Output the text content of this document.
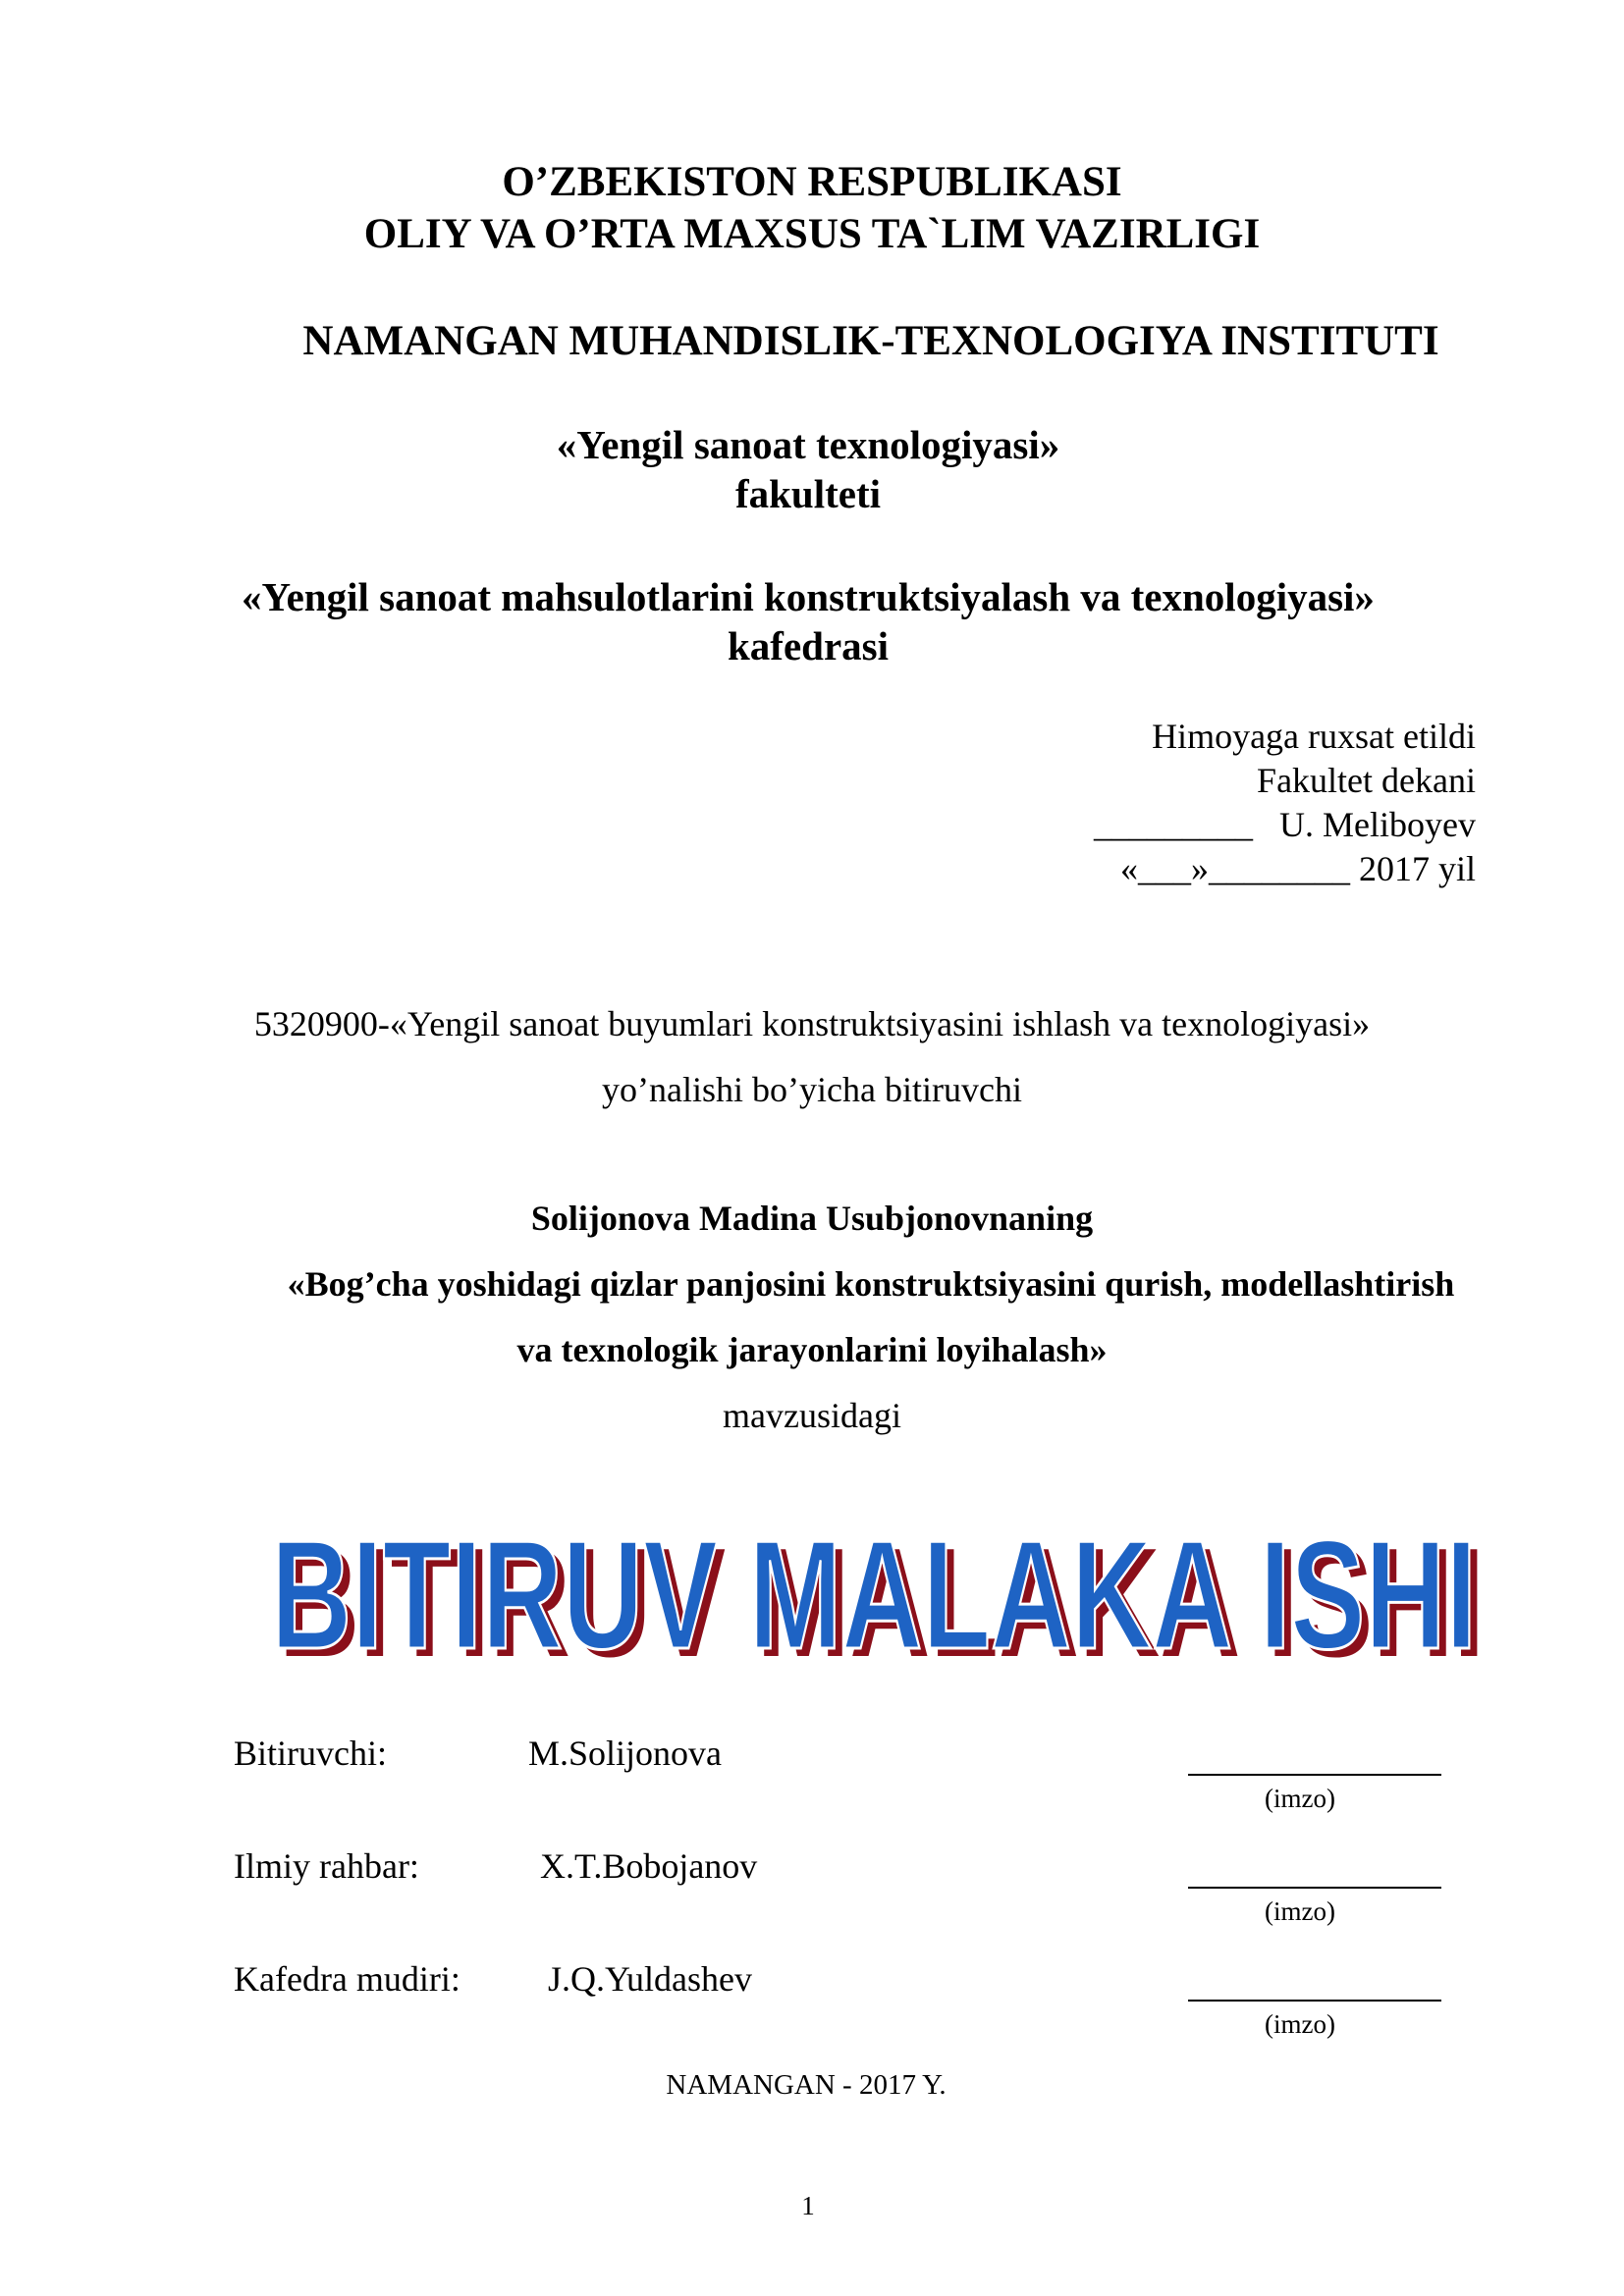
O’ZBEKISTON RESPUBLIKASI
OLIY VA O’RTA MAXSUS TA`LIM VAZIRLIGI
NAMANGAN MUHANDISLIK-TEXNOLOGIYA INSTITUTI
«Yengil sanoat texnologiyasi»
fakulteti
«Yengil sanoat mahsulotlarini konstruktsiyalash va texnologiyasi»
kafedrasi
Himoyaga ruxsat etildi
Fakultet dekani
_________   U. Meliboyev
«___»________ 2017 yil
5320900-«Yengil sanoat buyumlari konstruktsiyasini ishlash va texnologiyasi»
yo’nalishi bo’yicha bitiruvchi
Solijonova Madina Usubjonovnaning
«Bog’cha yoshidagi qizlar panjosini konstruktsiyasini qurish, modellashtirish
va texnologik jarayonlarini loyihalash»
mavzusidagi
BITIRUV MALAKA ISHI
BITIRUV MALAKA ISHI
Bitiruvchi:	M.Solijonova
(imzo)
Ilmiy rahbar:	X.T.Bobojanov
(imzo)
Kafedra mudiri: J.Q.Yuldashev
(imzo)
NAMANGAN - 2017 Y.
1
